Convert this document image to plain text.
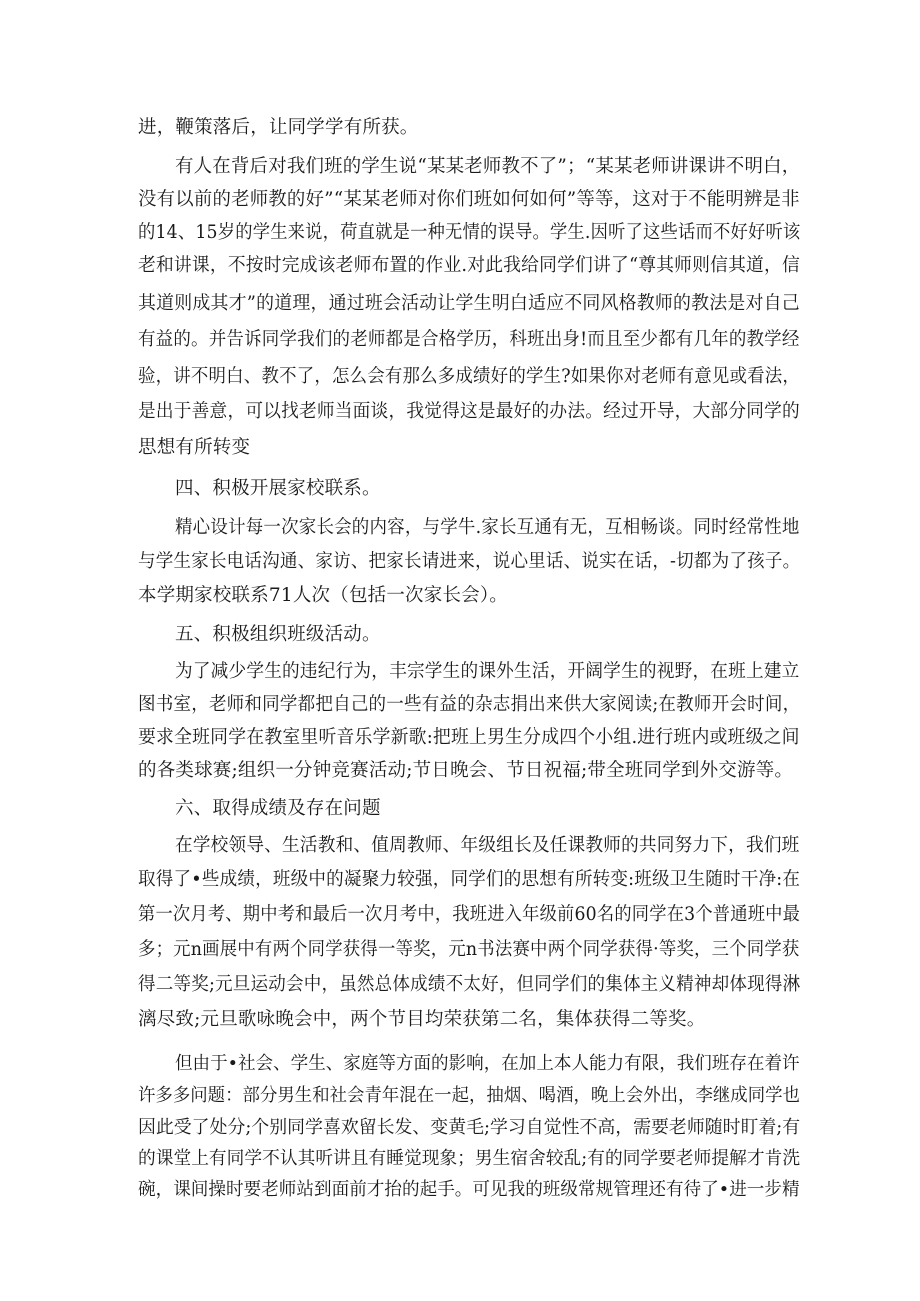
进，鞭策落后，让同学学有所获。
有人在背后对我们班的学生说“某某老师教不了”；“某某老师讲课讲不明白，
没有以前的老师教的好”“某某老师对你们班如何如何”等等，这对于不能明辨是非
的14、15岁的学生来说，荷直就是一种无情的误导。学生.因听了这些话而不好好听该
老和讲课，不按时完成该老师布置的作业.对此我给同学们讲了“尊其师则信其道，信
其道则成其才”的道理，通过班会活动让学生明白适应不同风格教师的教法是对自己
有益的。并告诉同学我们的老师都是合格学历，科班出身!而且至少都有几年的教学经
验，讲不明白、教不了，怎么会有那么多成绩好的学生?如果你对老师有意见或看法，
是出于善意，可以找老师当面谈，我觉得这是最好的办法。经过开导，大部分同学的
思想有所转变
四、积极开展家校联系。
精心设计每一次家长会的内容，与学牛.家长互通有无，互相畅谈。同时经常性地
与学生家长电话沟通、家访、把家长请进来，说心里话、说实在话，-切都为了孩子。
本学期家校联系71人次（包括一次家长会）。
五、积极组织班级活动。
为了减少学生的违纪行为，丰宗学生的课外生活，开阔学生的视野，在班上建立
图书室，老师和同学都把自己的一些有益的杂志捐出来供大家阅读;在教师开会时间，
要求全班同学在教室里听音乐学新歌:把班上男生分成四个小组.进行班内或班级之间
的各类球赛;组织一分钟竞赛活动;节日晚会、节日祝福;带全班同学到外交游等。
六、取得成绩及存在问题
在学校领导、生活教和、值周教师、年级组长及任课教师的共同努力下，我们班
取得了•些成绩，班级中的凝聚力较强，同学们的思想有所转变:班级卫生随时干净:在
第一次月考、期中考和最后一次月考中，我班进入年级前60名的同学在3个普通班中最
多；元n画展中有两个同学获得一等奖，元n书法赛中两个同学获得·等奖，三个同学获
得二等奖;元旦运动会中，虽然总体成绩不太好，但同学们的集体主义精神却体现得淋
漓尽致;元旦歌咏晚会中，两个节目均荣获第二名，集体获得二等奖。
但由于•社会、学生、家庭等方面的影响，在加上本人能力有限，我们班存在着许
许多多问题：部分男生和社会青年混在一起，抽烟、喝酒，晚上会外出，李继成同学也
因此受了处分;个别同学喜欢留长发、变黄毛;学习自觉性不高，需要老师随时盯着;有
的课堂上有同学不认其听讲且有睡觉现象；男生宿舍较乱;有的同学要老师提解才肯洗
碗，课间操时要老师站到面前才抬的起手。可见我的班级常规管理还有待了•进一步精
